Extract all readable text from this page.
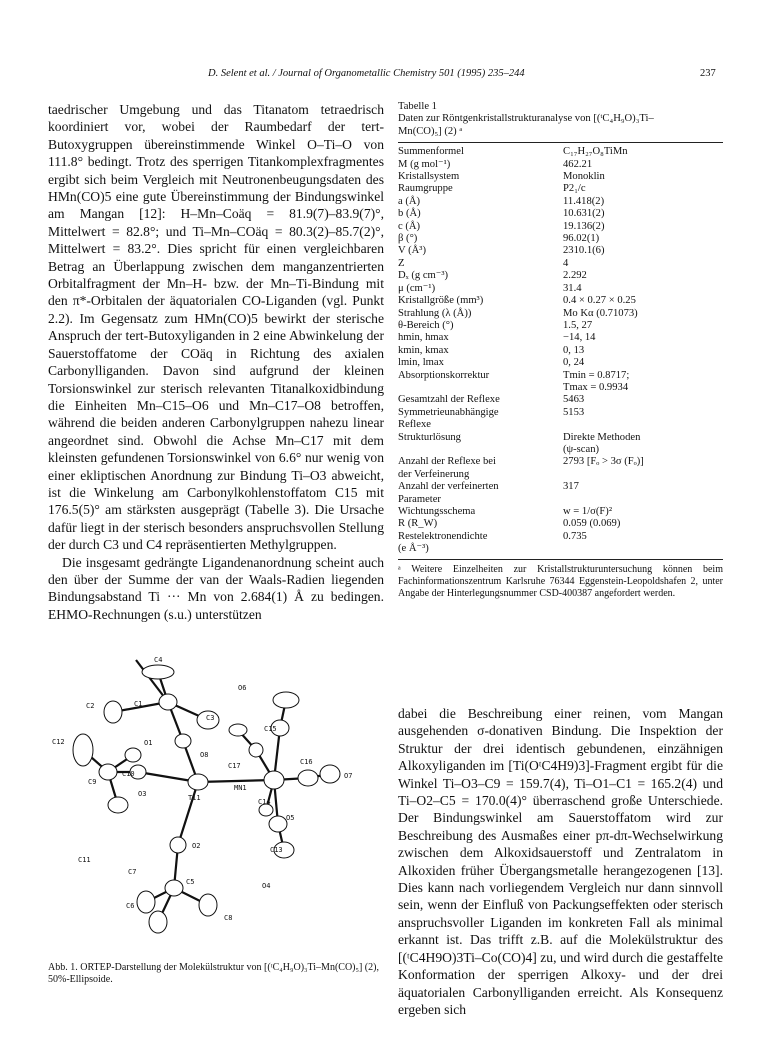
D. Selent et al. / Journal of Organometallic Chemistry 501 (1995) 235–244	237

taedrischer Umgebung und das Titanatom tetraedrisch koordiniert vor, wobei der Raumbedarf der tert-Butoxygruppen übereinstimmende Winkel O–Ti–O von 111.8° bedingt. Trotz des sperrigen Titankomplexfragmentes ergibt sich beim Vergleich mit Neutronenbeugungsdaten des HMn(CO)5 eine gute Übereinstimmung der Bindungswinkel am Mangan [12]: H–Mn–Coäq = 81.9(7)–83.9(7)°, Mittelwert = 82.8°; und Ti–Mn–COäq = 80.3(2)–85.7(2)°, Mittelwert = 83.2°. Dies spricht für einen vergleichbaren Betrag an Überlappung zwischen dem manganzentrierten Orbitalfragment der Mn–H- bzw. der Mn–Ti-Bindung mit den π*-Orbitalen der äquatorialen CO-Liganden (vgl. Punkt 2.2). Im Gegensatz zum HMn(CO)5 bewirkt der sterische Anspruch der tert-Butoxyliganden in 2 eine Abwinkelung der Sauerstoffatome der COäq in Richtung des axialen Carbonylliganden. Davon sind aufgrund der kleinen Torsionswinkel zur sterisch relevanten Titanalkoxidbindung die Einheiten Mn–C15–O6 und Mn–C17–O8 betroffen, während die beiden anderen Carbonylgruppen nahezu linear angeordnet sind. Obwohl die Achse Mn–C17 mit dem kleinsten gefundenen Torsionswinkel von 6.6° nur wenig von einer ekliptischen Anordnung zur Bindung Ti–O3 abweicht, ist die Winkelung am Carbonylkohlenstoffatom C15 mit 176.5(5)° am stärksten ausgeprägt (Tabelle 3). Die Ursache dafür liegt in der sterisch besonders anspruchsvollen Stellung der durch C3 und C4 repräsentierten Methylgruppen.

Die insgesamt gedrängte Ligandenanordnung scheint auch den über der Summe der van der Waals-Radien liegenden Bindungsabstand Ti ··· Mn von 2.684(1) Å zu bedingen. EHMO-Rechnungen (s.u.) unterstützen

Tabelle 1
Daten zur Röntgenkristallstrukturanalyse von [(ᵗC₄H₉O)₃Ti–
Mn(CO)₅] (2) ᵃ
Summenformel	C₁₇H₂₇O₈TiMn
M (g mol⁻¹)	462.21
Kristallsystem	Monoklin
Raumgruppe	P2₁/c
a (Å)	11.418(2)
b (Å)	10.631(2)
c (Å)	19.136(2)
β (°)	96.02(1)
V (Å³)	2310.1(6)
Z	4
Dₓ (g cm⁻³)	2.292
μ (cm⁻¹)	31.4
Kristallgröße (mm³)	0.4 × 0.27 × 0.25
Strahlung (λ (Å))	Mo Kα (0.71073)
θ-Bereich (°)	1.5, 27
hmin, hmax	−14, 14
kmin, kmax	0, 13
lmin, lmax	0, 24
Absorptionskorrektur	Tmin = 0.8717;
Tmax = 0.9934
Gesamtzahl der Reflexe	5463
Symmetrieunabhängige
Reflexe	5153
Strukturlösung	Direkte Methoden
(ψ-scan)
Anzahl der Reflexe bei
der Verfeinerung	2793 [Fₒ > 3σ (Fₒ)]
Anzahl der verfeinerten
Parameter	317
Wichtungsschema	w = 1/σ(F)²
R (R_W)	0.059 (0.069)
Restelektronendichte
(e Å⁻³)	0.735
ᵃ Weitere Einzelheiten zur Kristallstrukturuntersuchung können beim Fachinformationszentrum Karlsruhe 76344 Eggenstein-Leopoldshafen 2, unter Angabe der Hinterlegungsnummer CSD-400387 angefordert werden.
C4
O6
C2	C1
C3
C15
C12	O1
C10
O8
C17	C16
O7
C9
O3	Ti1
MN1
C14
O5
O2	C13
C11
C7
C5	O4
C6
C8
Abb. 1. ORTEP-Darstellung der Molekülstruktur von [(ᵗC₄H₉O)₃Ti–Mn(CO)₅] (2), 50%-Ellipsoide.

dabei die Beschreibung einer reinen, vom Mangan ausgehenden σ-donativen Bindung. Die Inspektion der Struktur der drei identisch gebundenen, einzähnigen Alkoxyliganden im [Ti(OᵗC4H9)3]-Fragment ergibt für die Winkel Ti–O3–C9 = 159.7(4), Ti–O1–C1 = 165.2(4) und Ti–O2–C5 = 170.0(4)° überraschend große Unterschiede. Der Bindungswinkel am Sauerstoffatom wird zur Beschreibung des Ausmaßes einer pπ-dπ-Wechselwirkung zwischen dem Alkoxidsauerstoff und Zentralatom in Alkoxiden früher Übergangsmetalle herangezogenen [13]. Dies kann nach vorliegendem Vergleich nur dann sinnvoll sein, wenn der Einfluß von Packungseffekten oder sterisch anspruchsvoller Liganden im konkreten Fall als minimal erkannt ist. Das trifft z.B. auf die Molekülstruktur des [(ᵗC4H9O)3Ti–Co(CO)4] zu, und wird durch die gestaffelte Konformation der sperrigen Alkoxy- und der drei äquatorialen Carbonylliganden erreicht. Als Konsequenz ergeben sich
